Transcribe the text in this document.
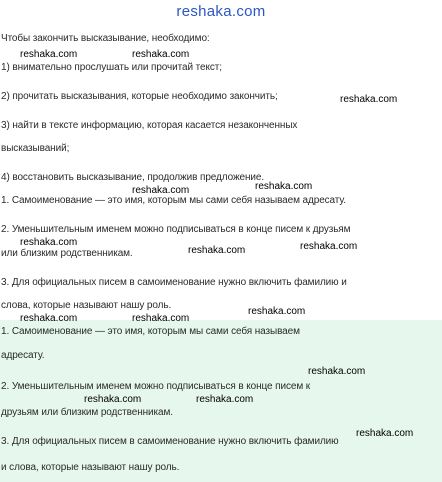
reshaka.com
Чтобы закончить высказывание, необходимо:
1) внимательно прослушать или прочитай текст;
2) прочитать высказывания, которые необходимо закончить;
3) найти в тексте информацию, которая касается незаконченных
высказываний;
4) восстановить высказывание, продолжив предложение.
1. Самоименование — это имя, которым мы сами себя называем адресату.
2. Уменьшительным именем можно подписываться в конце писем к друзьям
или близким родственникам.
3. Для официальных писем в самоименование нужно включить фамилию и
слова, которые называют нашу роль.
1. Самоименование — это имя, которым мы сами себя называем
адресату.
2. Уменьшительным именем можно подписываться в конце писем к
друзьям или близким родственникам.
3. Для официальных писем в самоименование нужно включить фамилию
и слова, которые называют нашу роль.
reshaka.com	reshaka.com
reshaka.com
reshaka.com
reshaka.com
reshaka.com	reshaka.com
reshaka.com
reshaka.com
reshaka.com	reshaka.com
reshaka.com
reshaka.com	reshaka.com
reshaka.com
